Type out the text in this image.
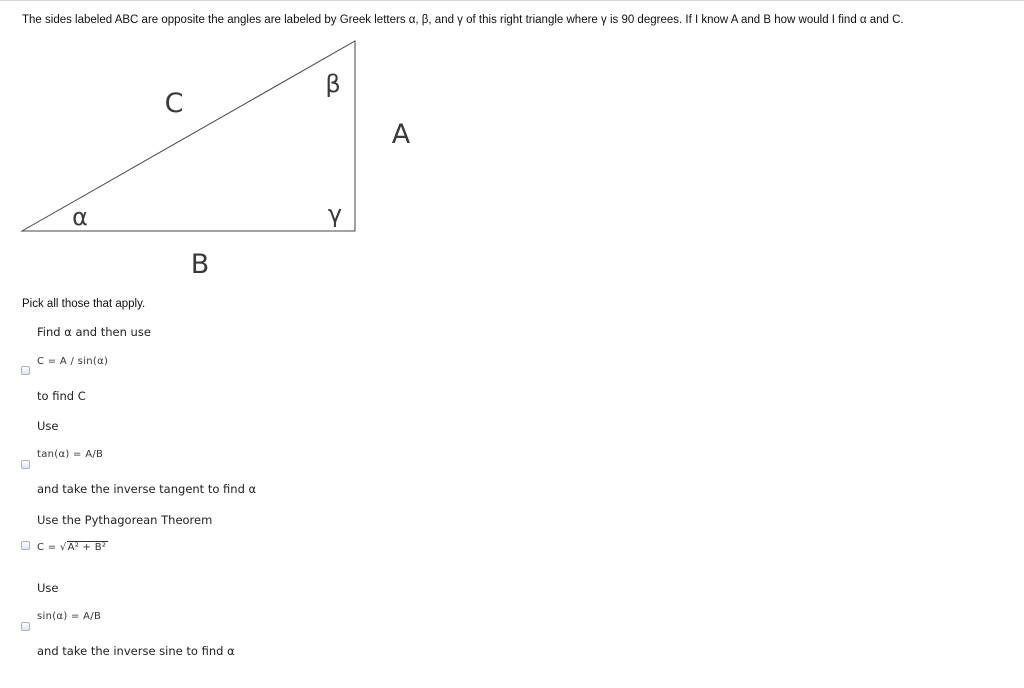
The sides labeled ABC are opposite the angles are labeled by Greek letters α, β, and γ of this right triangle where γ is 90 degrees. If I know A and B how would I find α and C.
C
A
B
α
β
γ
Pick all those that apply.
Find α and then use
C = A / sin(α)
to find C
Use
tan(α) = A/B
and take the inverse tangent to find α
Use the Pythagorean Theorem
C = √A² + B²
Use
sin(α) = A/B
and take the inverse sine to find α
